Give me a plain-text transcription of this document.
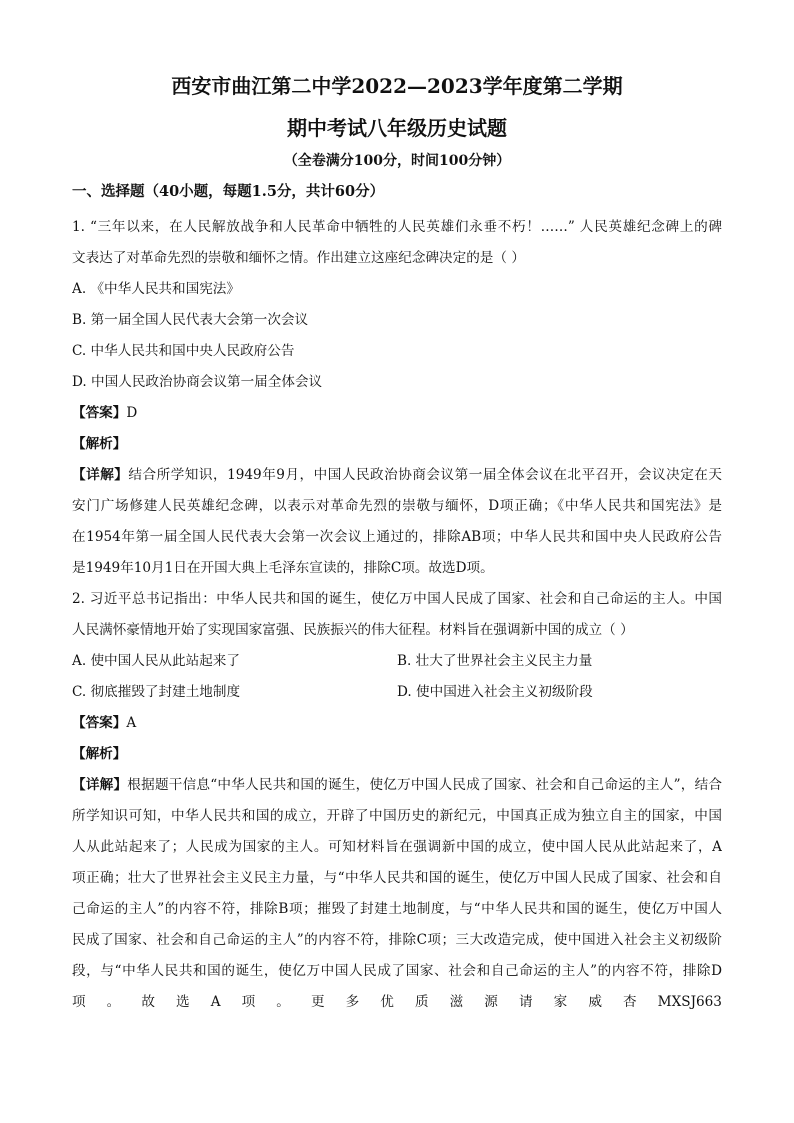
西安市曲江第二中学2022—2023学年度第二学期
期中考试八年级历史试题
（全卷满分100分，时间100分钟）
一、选择题（40小题，每题1.5分，共计60分）
1. “三年以来，在人民解放战争和人民革命中牺牲的人民英雄们永垂不朽！……” 人民英雄纪念碑上的碑
文表达了对革命先烈的崇敬和缅怀之情。作出建立这座纪念碑决定的是（ ）
A. 《中华人民共和国宪法》
B. 第一届全国人民代表大会第一次会议
C. 中华人民共和国中央人民政府公告
D. 中国人民政治协商会议第一届全体会议
【答案】D
【解析】
【详解】结合所学知识，1949年9月，中国人民政治协商会议第一届全体会议在北平召开，会议决定在天
安门广场修建人民英雄纪念碑，以表示对革命先烈的崇敬与缅怀，D项正确；《中华人民共和国宪法》是
在1954年第一届全国人民代表大会第一次会议上通过的，排除AB项；中华人民共和国中央人民政府公告
是1949年10月1日在开国大典上毛泽东宣读的，排除C项。故选D项。
2. 习近平总书记指出：中华人民共和国的诞生，使亿万中国人民成了国家、社会和自己命运的主人。中国
人民满怀豪情地开始了实现国家富强、民族振兴的伟大征程。材料旨在强调新中国的成立（ ）
A. 使中国人民从此站起来了	B. 壮大了世界社会主义民主力量
C. 彻底摧毁了封建土地制度	D. 使中国进入社会主义初级阶段
【答案】A
【解析】
【详解】根据题干信息“中华人民共和国的诞生，使亿万中国人民成了国家、社会和自己命运的主人”，结合
所学知识可知，中华人民共和国的成立，开辟了中国历史的新纪元，中国真正成为独立自主的国家，中国
人从此站起来了；人民成为国家的主人。可知材料旨在强调新中国的成立，使中国人民从此站起来了，A
项正确；壮大了世界社会主义民主力量，与“中华人民共和国的诞生，使亿万中国人民成了国家、社会和自
己命运的主人”的内容不符，排除B项；摧毁了封建土地制度，与“中华人民共和国的诞生，使亿万中国人
民成了国家、社会和自己命运的主人”的内容不符，排除C项；三大改造完成，使中国进入社会主义初级阶
段，与“中华人民共和国的诞生，使亿万中国人民成了国家、社会和自己命运的主人”的内容不符，排除D
项 。 故 选 A 项 。 更 多 优 质 滋 源 请 家 威 杏 MXSJ663
